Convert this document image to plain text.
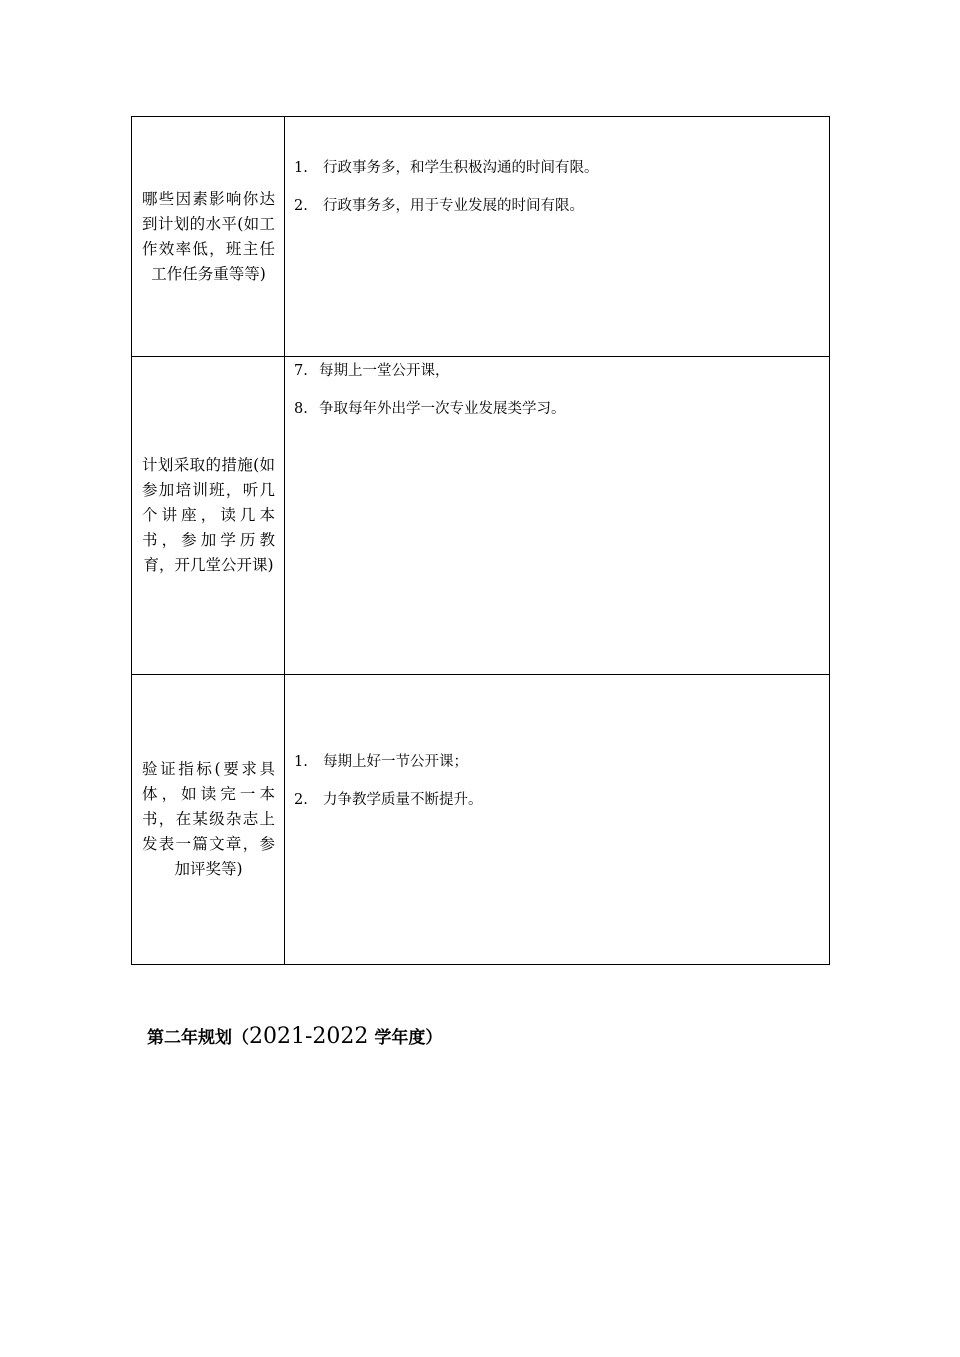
哪些因素影响你达到计划的水平(如工作效率低，班主任工作任务重等等)	1. 行政事务多，和学生积极沟通的时间有限。
2. 行政事务多，用于专业发展的时间有限。

计划采取的措施(如参加培训班，听几个讲座，读几本书，参加学历教育，开几堂公开课)	7. 每期上一堂公开课，
8. 争取每年外出学一次专业发展类学习。

验证指标(要求具体，如读完一本书，在某级杂志上发表一篇文章，参加评奖等)	1. 每期上好一节公开课；
2. 力争教学质量不断提升。
第二年规划（2021-2022 学年度）
